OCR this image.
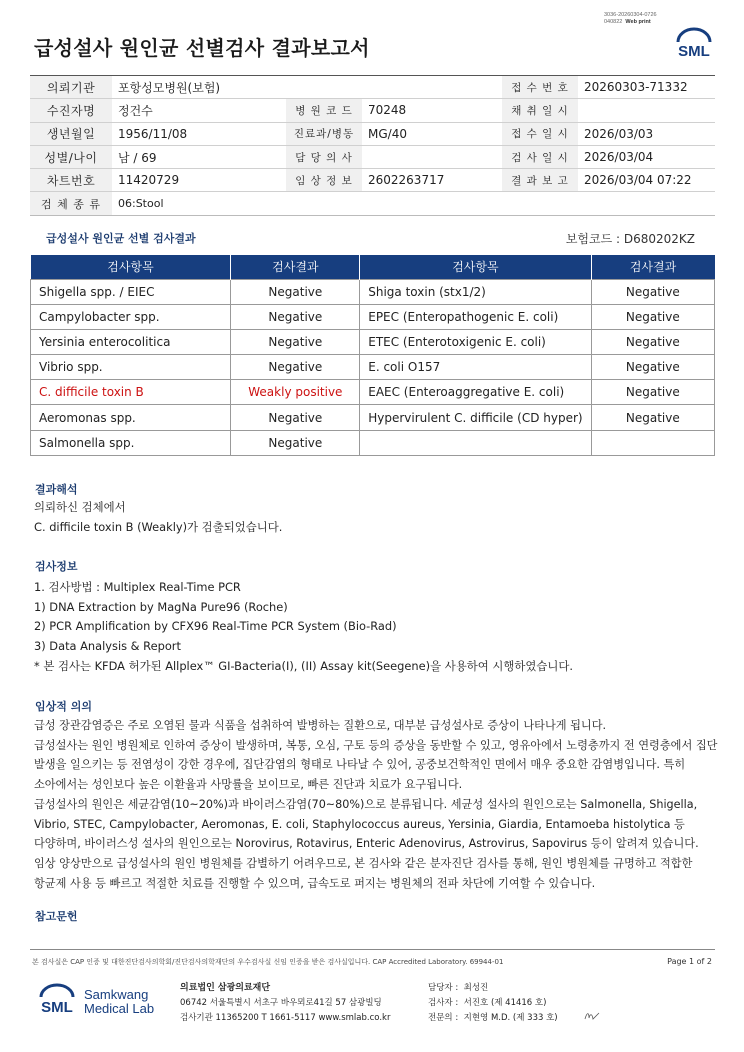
3036-20260304-0726
040822 Web print
급성설사 원인균 선별검사 결과보고서	SML
의뢰기관	포항성모병원(보험)			접 수 번 호	20260303-71332
수진자명	정건수	병 원 코 드	70248	채 취 일 시	
생년월일	1956/11/08	진료과/병동	MG/40	접 수 일 시	2026/03/03
성별/나이	남 / 69	담 당 의 사		검 사 일 시	2026/03/04
차트번호	11420729	임 상 정 보	2602263717	결 과 보 고	2026/03/04 07:22
검 체 종 류	06:Stool				
급성설사 원인균 선별 검사결과	보험코드 : D680202KZ
검사항목	검사결과	검사항목	검사결과
Shigella spp. / EIEC	Negative	Shiga toxin (stx1/2)	Negative
Campylobacter spp.	Negative	EPEC (Enteropathogenic E. coli)	Negative
Yersinia enterocolitica	Negative	ETEC (Enterotoxigenic E. coli)	Negative
Vibrio spp.	Negative	E. coli O157	Negative
C. difficile toxin B	Weakly positive	EAEC (Enteroaggregative E. coli)	Negative
Aeromonas spp.	Negative	Hypervirulent C. difficile (CD hyper)	Negative
Salmonella spp.	Negative		
결과해석
의뢰하신 검체에서
C. difficile toxin B (Weakly)가 검출되었습니다.
검사정보
1. 검사방법 : Multiplex Real-Time PCR
1) DNA Extraction by MagNa Pure96 (Roche)
2) PCR Amplification by CFX96 Real-Time PCR System (Bio-Rad)
3) Data Analysis & Report
* 본 검사는 KFDA 허가된 Allplex™ GI-Bacteria(I), (II) Assay kit(Seegene)을 사용하여 시행하였습니다.
임상적 의의
급성 장관감염증은 주로 오염된 물과 식품을 섭취하여 발병하는 질환으로, 대부분 급성설사로 증상이 나타나게 됩니다.
급성설사는 원인 병원체로 인하여 증상이 발생하며, 복통, 오심, 구토 등의 증상을 동반할 수 있고, 영유아에서 노령층까지 전 연령층에서 집단
발생을 일으키는 등 전염성이 강한 경우에, 집단감염의 형태로 나타날 수 있어, 공중보건학적인 면에서 매우 중요한 감염병입니다. 특히
소아에서는 성인보다 높은 이환율과 사망률을 보이므로, 빠른 진단과 치료가 요구됩니다.
급성설사의 원인은 세균감염(10~20%)과 바이러스감염(70~80%)으로 분류됩니다. 세균성 설사의 원인으로는 Salmonella, Shigella,
Vibrio, STEC, Campylobacter, Aeromonas, E. coli, Staphylococcus aureus, Yersinia, Giardia, Entamoeba histolytica 등
다양하며, 바이러스성 설사의 원인으로는 Norovirus, Rotavirus, Enteric Adenovirus, Astrovirus, Sapovirus 등이 알려져 있습니다.
임상 양상만으로 급성설사의 원인 병원체를 감별하기 어려우므로, 본 검사와 같은 분자진단 검사를 통해, 원인 병원체를 규명하고 적합한
항균제 사용 등 빠르고 적절한 치료를 진행할 수 있으며, 급속도로 퍼지는 병원체의 전파 차단에 기여할 수 있습니다.
참고문헌
본 검사실은 CAP 인증 및 대한진단검사의학회/진단검사의학재단의 우수검사실 신임 인증을 받은 검사실입니다. CAP Accredited Laboratory. 69944-01	Page 1 of 2
SML
Samkwang
Medical Lab
의료법인 삼광의료재단
06742 서울특별시 서초구 바우뫼로41길 57 삼광빌딩
검사기관 11365200 T 1661-5117 www.smlab.co.kr
담당자 : 최성진
검사자 : 서진호 (제 41416 호)
전문의 : 지현영 M.D. (제 333 호)
